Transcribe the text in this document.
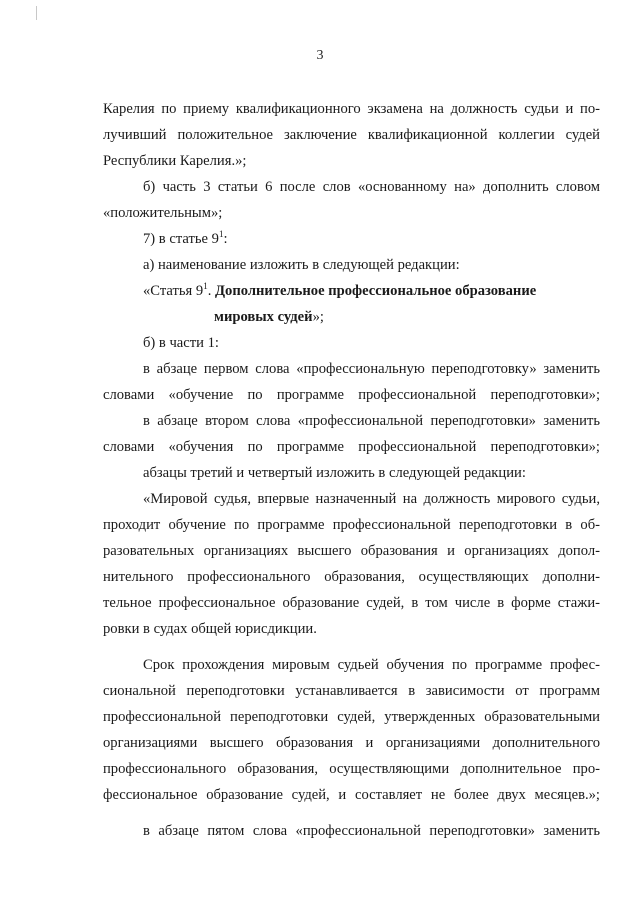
3
Карелия по приему квалификационного экзамена на должность судьи и по-
лучивший положительное заключение квалификационной коллегии судей
Республики Карелия.»;
б) часть 3 статьи 6 после слов «основанному на» дополнить словом
«положительным»;
7) в статье $9^1$:
а) наименование изложить в следующей редакции:
«Статья $9^1$. Дополнительное профессиональное образование
мировых судей»;
б) в части 1:
в абзаце первом слова «профессиональную переподготовку» заменить
словами «обучение по программе профессиональной переподготовки»;
в абзаце втором слова «профессиональной переподготовки» заменить
словами «обучения по программе профессиональной переподготовки»;
абзацы третий и четвертый изложить в следующей редакции:
«Мировой судья, впервые назначенный на должность мирового судьи,
проходит обучение по программе профессиональной переподготовки в об-
разовательных организациях высшего образования и организациях допол-
нительного профессионального образования, осуществляющих дополни-
тельное профессиональное образование судей, в том числе в форме стажи-
ровки в судах общей юрисдикции.
Срок прохождения мировым судьей обучения по программе профес-
сиональной переподготовки устанавливается в зависимости от программ
профессиональной переподготовки судей, утвержденных образовательными
организациями высшего образования и организациями дополнительного
профессионального образования, осуществляющими дополнительное про-
фессиональное образование судей, и составляет не более двух месяцев.»;
в абзаце пятом слова «профессиональной переподготовки» заменить
